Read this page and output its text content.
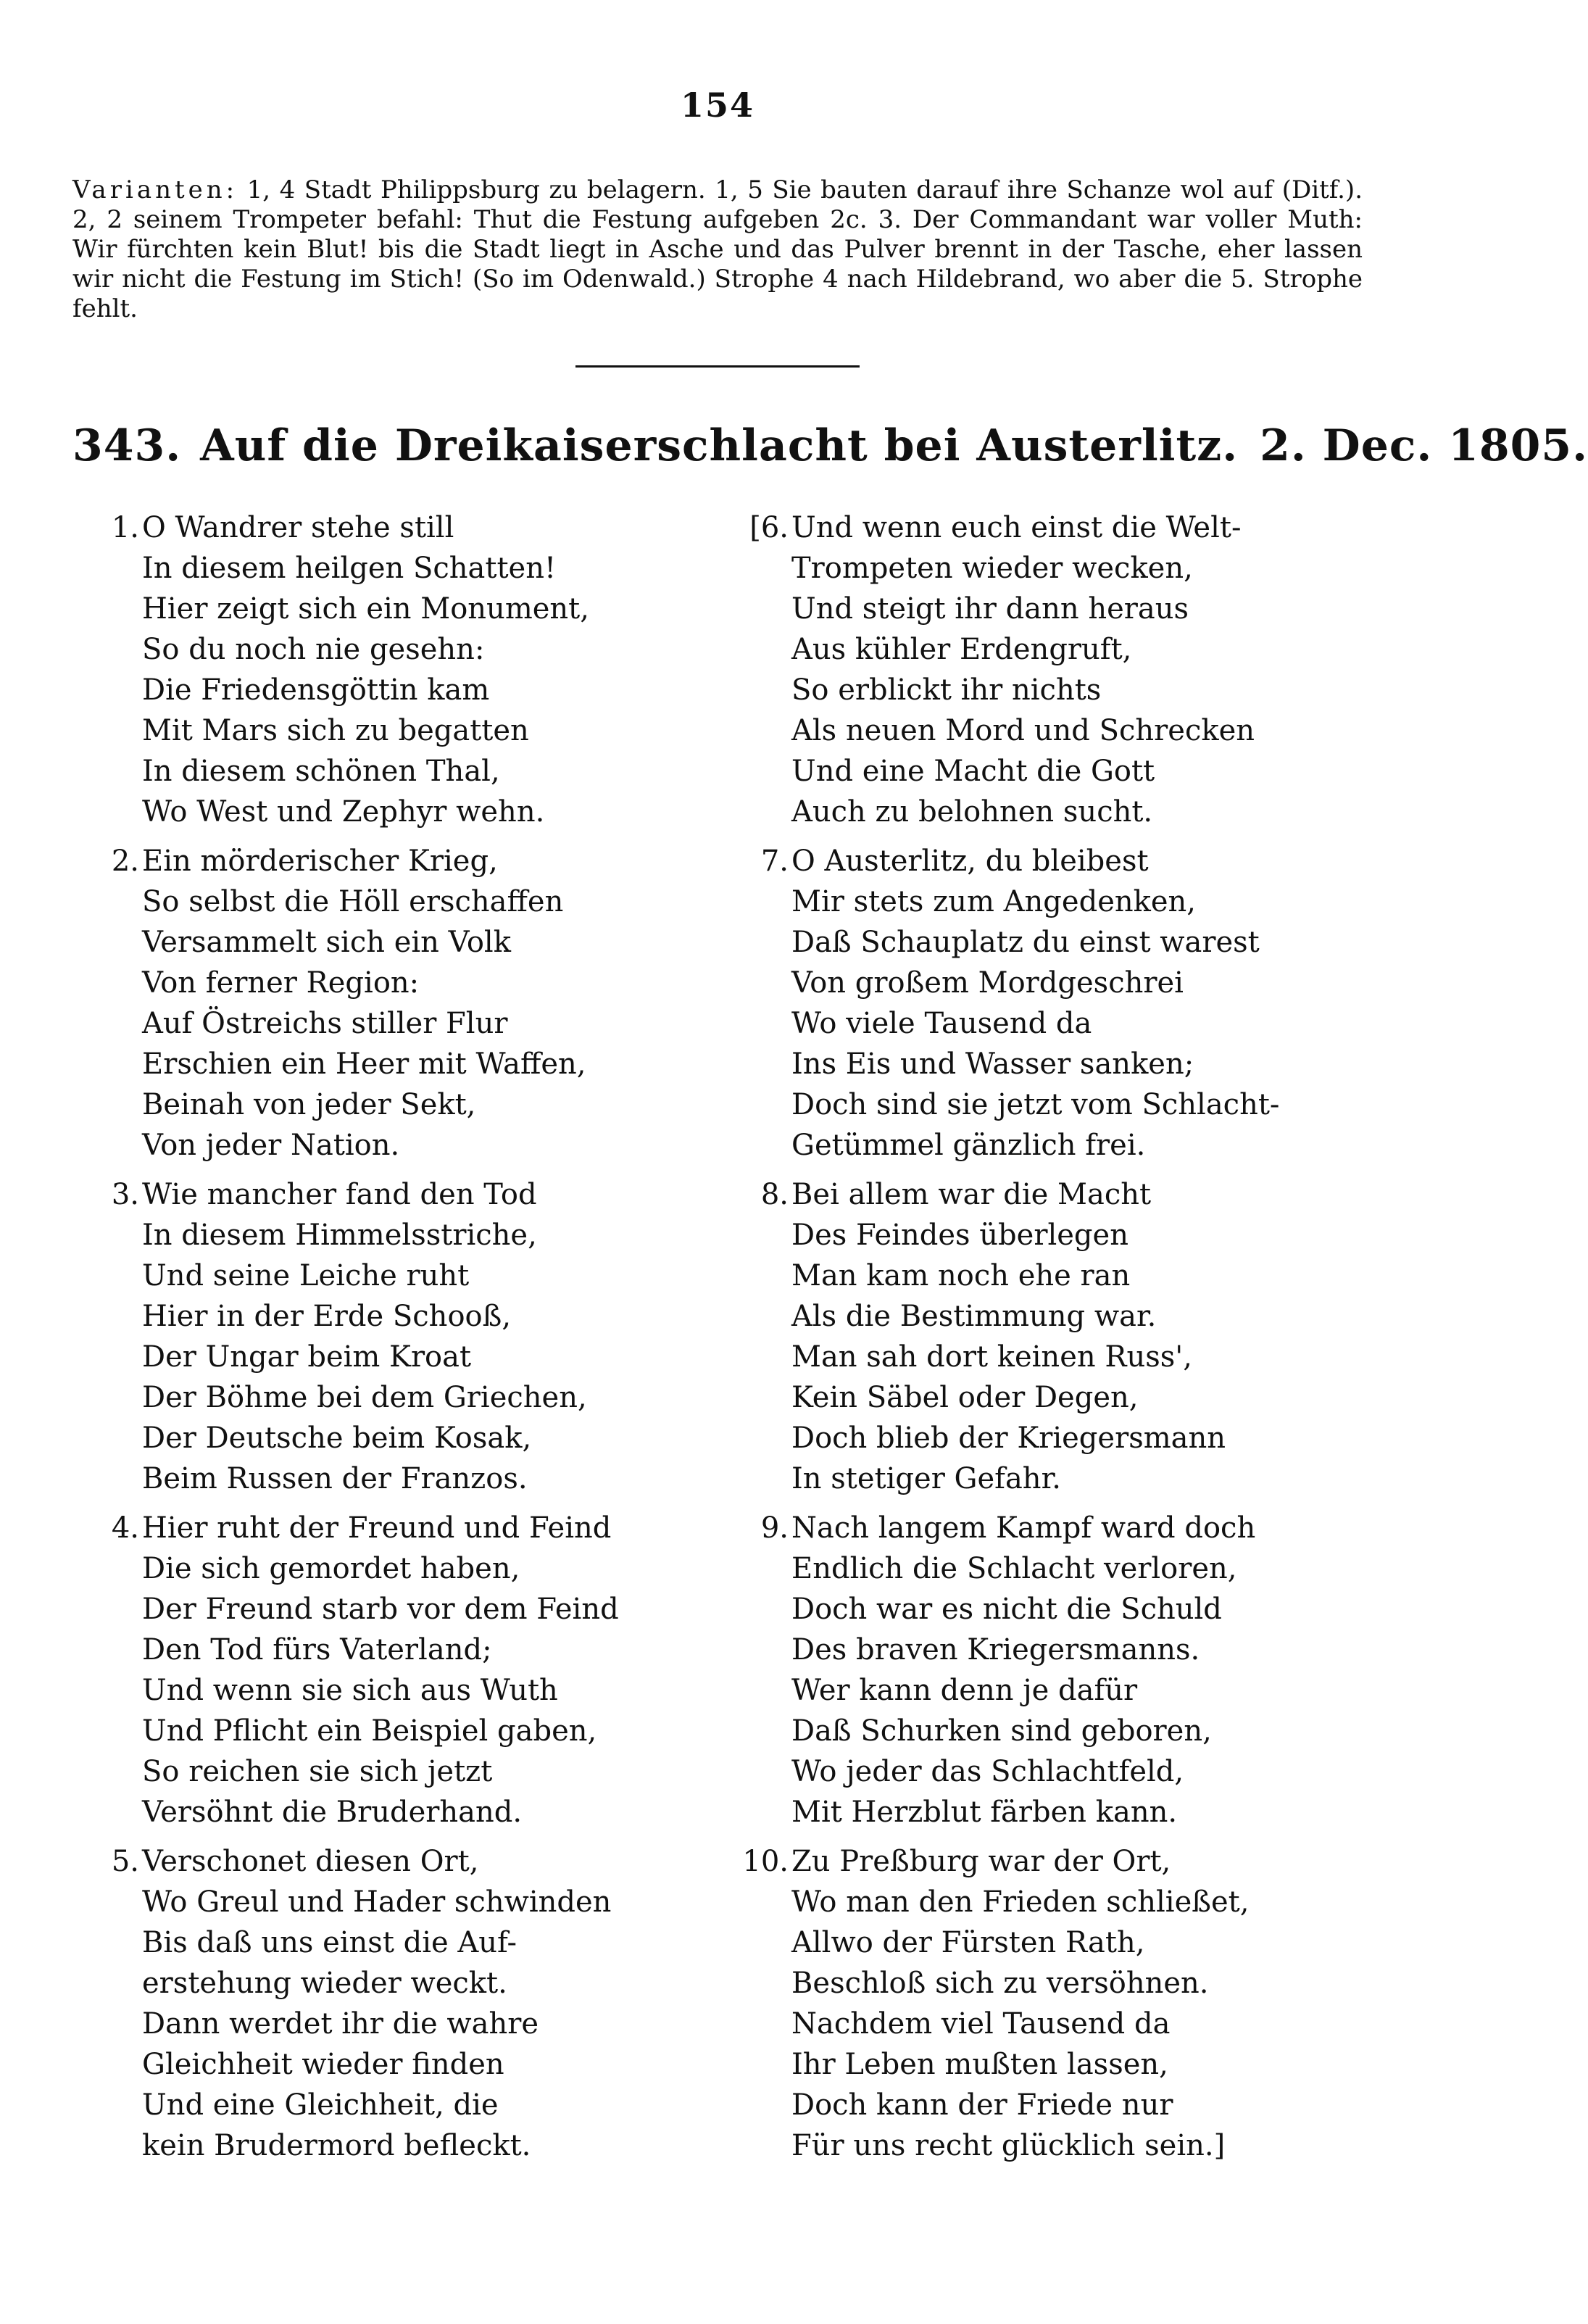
154
Varianten: 1, 4 Stadt Philippsburg zu belagern. 1, 5 Sie bauten darauf ihre Schanze wol auf (Ditf.). 2, 2 seinem Trompeter befahl: Thut die Festung aufgeben 2c. 3. Der Commandant war voller Muth: Wir fürchten kein Blut! bis die Stadt liegt in Asche und das Pulver brennt in der Tasche, eher lassen wir nicht die Festung im Stich! (So im Odenwald.) Strophe 4 nach Hildebrand, wo aber die 5. Strophe fehlt.
343. Auf die Dreikaiserschlacht bei Austerlitz. 2. Dec. 1805.
1. O Wandrer stehe still
In diesem heilgen Schatten!
Hier zeigt sich ein Monument,
So du noch nie gesehn:
Die Friedensgöttin kam
Mit Mars sich zu begatten
In diesem schönen Thal,
Wo West und Zephyr wehn.
2. Ein mörderischer Krieg,
So selbst die Höll erschaffen
Versammelt sich ein Volk
Von ferner Region:
Auf Östreichs stiller Flur
Erschien ein Heer mit Waffen,
Beinah von jeder Sekt,
Von jeder Nation.
3. Wie mancher fand den Tod
In diesem Himmelsstriche,
Und seine Leiche ruht
Hier in der Erde Schooß,
Der Ungar beim Kroat
Der Böhme bei dem Griechen,
Der Deutsche beim Kosak,
Beim Russen der Franzos.
4. Hier ruht der Freund und Feind
Die sich gemordet haben,
Der Freund starb vor dem Feind
Den Tod fürs Vaterland;
Und wenn sie sich aus Wuth
Und Pflicht ein Beispiel gaben,
So reichen sie sich jetzt
Versöhnt die Bruderhand.
5. Verschonet diesen Ort,
Wo Greul und Hader schwinden
Bis daß uns einst die Auf-
erstehung wieder weckt.
Dann werdet ihr die wahre
Gleichheit wieder finden
Und eine Gleichheit, die
kein Brudermord befleckt.
[6. Und wenn euch einst die Welt-
Trompeten wieder wecken,
Und steigt ihr dann heraus
Aus kühler Erdengruft,
So erblickt ihr nichts
Als neuen Mord und Schrecken
Und eine Macht die Gott
Auch zu belohnen sucht.
7. O Austerlitz, du bleibest
Mir stets zum Angedenken,
Daß Schauplatz du einst warest
Von großem Mordgeschrei
Wo viele Tausend da
Ins Eis und Wasser sanken;
Doch sind sie jetzt vom Schlacht-
Getümmel gänzlich frei.
8. Bei allem war die Macht
Des Feindes überlegen
Man kam noch ehe ran
Als die Bestimmung war.
Man sah dort keinen Russ',
Kein Säbel oder Degen,
Doch blieb der Kriegersmann
In stetiger Gefahr.
9. Nach langem Kampf ward doch
Endlich die Schlacht verloren,
Doch war es nicht die Schuld
Des braven Kriegersmanns.
Wer kann denn je dafür
Daß Schurken sind geboren,
Wo jeder das Schlachtfeld,
Mit Herzblut färben kann.
10. Zu Preßburg war der Ort,
Wo man den Frieden schließet,
Allwo der Fürsten Rath,
Beschloß sich zu versöhnen.
Nachdem viel Tausend da
Ihr Leben mußten lassen,
Doch kann der Friede nur
Für uns recht glücklich sein.]
